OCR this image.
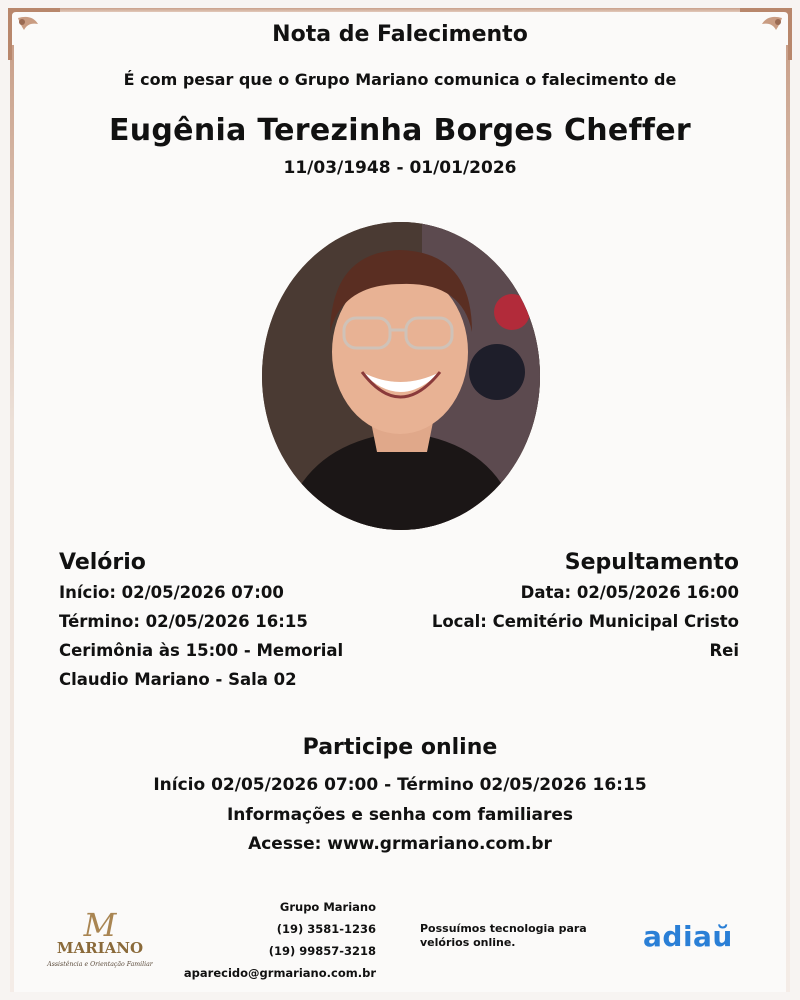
Nota de Falecimento
É com pesar que o Grupo Mariano comunica o falecimento de
Eugênia Terezinha Borges Cheffer
11/03/1948 - 01/01/2026
Velório
Início: 02/05/2026 07:00
Término: 02/05/2026 16:15
Cerimônia às 15:00 - Memorial
Claudio Mariano - Sala 02
Sepultamento
Data: 02/05/2026 16:00
Local: Cemitério Municipal Cristo
Rei
Participe online
Início 02/05/2026 07:00 - Término 02/05/2026 16:15
Informações e senha com familiares
Acesse: www.grmariano.com.br
M
MARIANO
Assistência e Orientação Familiar
Grupo Mariano
(19) 3581-1236
(19) 99857-3218
aparecido@grmariano.com.br
Possuímos tecnologia para
velórios online.	adiaŭ
